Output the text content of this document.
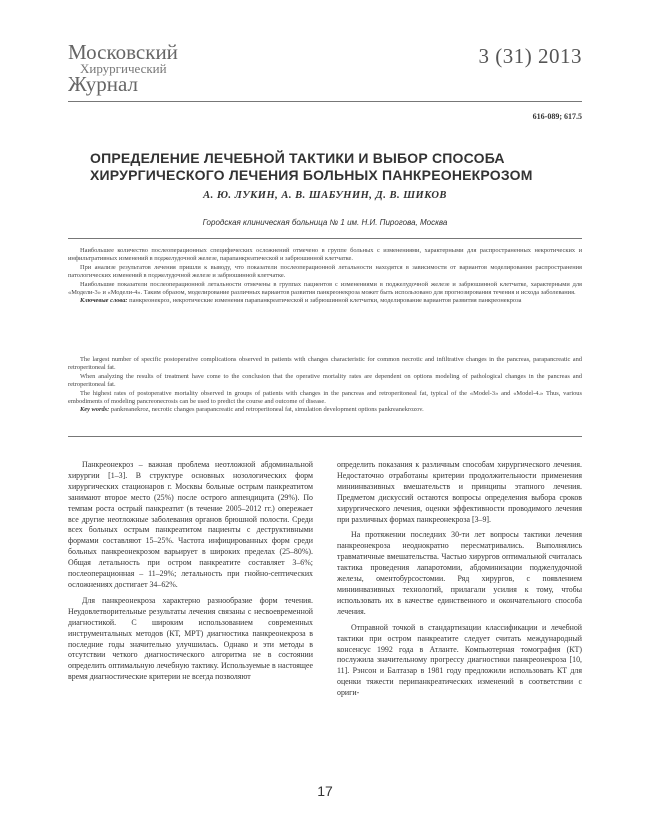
Московский
Хирургический
Журнал
3 (31) 2013
616-089; 617.5
ОПРЕДЕЛЕНИЕ ЛЕЧЕБНОЙ ТАКТИКИ И ВЫБОР СПОСОБА
ХИРУРГИЧЕСКОГО ЛЕЧЕНИЯ БОЛЬНЫХ ПАНКРЕОНЕКРОЗОМ
А. Ю. ЛУКИН, А. В. ШАБУНИН, Д. В. ШИКОВ
Городская клиническая больница № 1 им. Н.И. Пирогова, Москва

Наибольшее количество послеоперационных специфических осложнений отмечено в группе больных с изменениями, характерными для распространенных некротических и инфильтративных изменений в поджелудочной железе, парапанкреатической и забрюшинной клетчатке.

При анализе результатов лечения пришли к выводу, что показатели послеоперационной летальности находятся в зависимости от вариантов моделирования распространения патологических изменений в поджелудочной железе и забрюшинной клетчатке.

Наибольшие показатели послеоперационной летальности отмечены в группах пациентов с изменениями в поджелудочной железе и забрюшинной клетчатке, характерными для «Модели-3» и «Модели-4». Таким образом, моделирование различных вариантов развития панкреонекроза может быть использовано для прогнозирования течения и исхода заболевания.

Ключевые слова: панкреонекроз, некротические изменения парапанкреатической и забрюшинной клетчатки, моделирование вариантов развития панкреонекроза

The largest number of specific postoperative complications observed in patients with changes characteristic for common necrotic and infiltrative changes in the pancreas, parapancreatic and retroperitoneal fat.

When analyzing the results of treatment have come to the conclusion that the operative mortality rates are dependent on options modeling of pathological changes in the pancreas and retroperitoneal fat.

The highest rates of postoperative mortality observed in groups of patients with changes in the pancreas and retroperitoneal fat, typical of the «Model-3» and «Model-4.» Thus, various embodiments of modeling pancreonecrosis can be used to predict the course and outcome of disease.

Key words: pankreanekroz, necrotic changes parapancreatic and retroperitoneal fat, simulation development options pankreanekrozov.

Панкреонекроз – важная проблема неотложной абдоминальной хирургии [1–3]. В структуре основных нозологических форм хирургических стационаров г. Москвы больные острым панкреатитом занимают второе место (25%) после острого аппендицита (29%). По темпам роста острый панкреатит (в течение 2005–2012 гг.) опережает все другие неотложные заболевания органов брюшной полости. Среди всех больных острым панкреатитом пациенты с деструктивными формами составляют 15–25%. Частота инфицированных форм среди больных панкреонекрозом варьирует в широких пределах (25–80%). Общая летальность при остром панкреатите составляет 3–6%; послеоперационная – 11–29%; летальность при гнойно-септических осложнениях достигает 34–62%.

Для панкреонекроза характерно разнообразие форм течения. Неудовлетворительные результаты лечения связаны с несвоевременной диагностикой. С широким использованием современных инструментальных методов (КТ, МРТ) диагностика панкреонекроза в последние годы значительно улучшилась. Однако и эти методы в отсутствии четкого диагностического алгоритма не в состоянии определить оптимальную лечебную тактику. Используемые в настоящее время диагностические критерии не всегда позволяют

определить показания к различным способам хирургического лечения. Недостаточно отработаны критерии продолжительности применения миниинвазивных вмешательств и принципы этапного лечения. Предметом дискуссий остаются вопросы определения выбора сроков хирургического лечения, оценки эффективности проводимого лечения при различных формах панкреонекроза [3–9].

На протяжении последних 30-ти лет вопросы тактики лечения панкреонекроза неоднократно пересматривались. Выполнялись травматичные вмешательства. Частью хирургов оптимальной считалась тактика проведения лапаротомии, абдоминизации поджелудочной железы, оментобурсостомии. Ряд хирургов, с появлением миниинвазивных технологий, прилагали усилия к тому, чтобы использовать их в качестве единственного и окончательного способа лечения.

Отправной точкой в стандартизации классификации и лечебной тактики при остром панкреатите следует считать международный консенсус 1992 года в Атланте. Компьютерная томография (КТ) послужила значительному прогрессу диагностики панкреонекроза [10, 11]. Рэнсон и Балтазар в 1981 году предложили использовать КТ для оценки тяжести перипанкреатических изменений в соответствии с ориги-

17
